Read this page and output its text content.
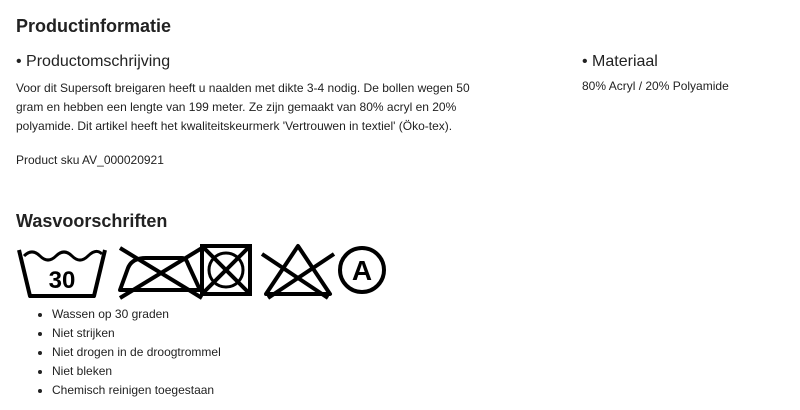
Productinformatie
• Productomschrijving	• Materiaal

Voor dit Supersoft breigaren heeft u naalden met dikte 3-4 nodig. De bollen wegen 50
gram en hebben een lengte van 199 meter. Ze zijn gemaakt van 80% acryl en 20%
polyamide. Dit artikel heeft het kwaliteitskeurmerk 'Vertrouwen in textiel' (Öko-tex).

80% Acryl / 20% Polyamide
Product sku AV_000020921
Wasvoorschriften
30	A
• Wassen op 30 graden
• Niet strijken
• Niet drogen in de droogtrommel
• Niet bleken
• Chemisch reinigen toegestaan
